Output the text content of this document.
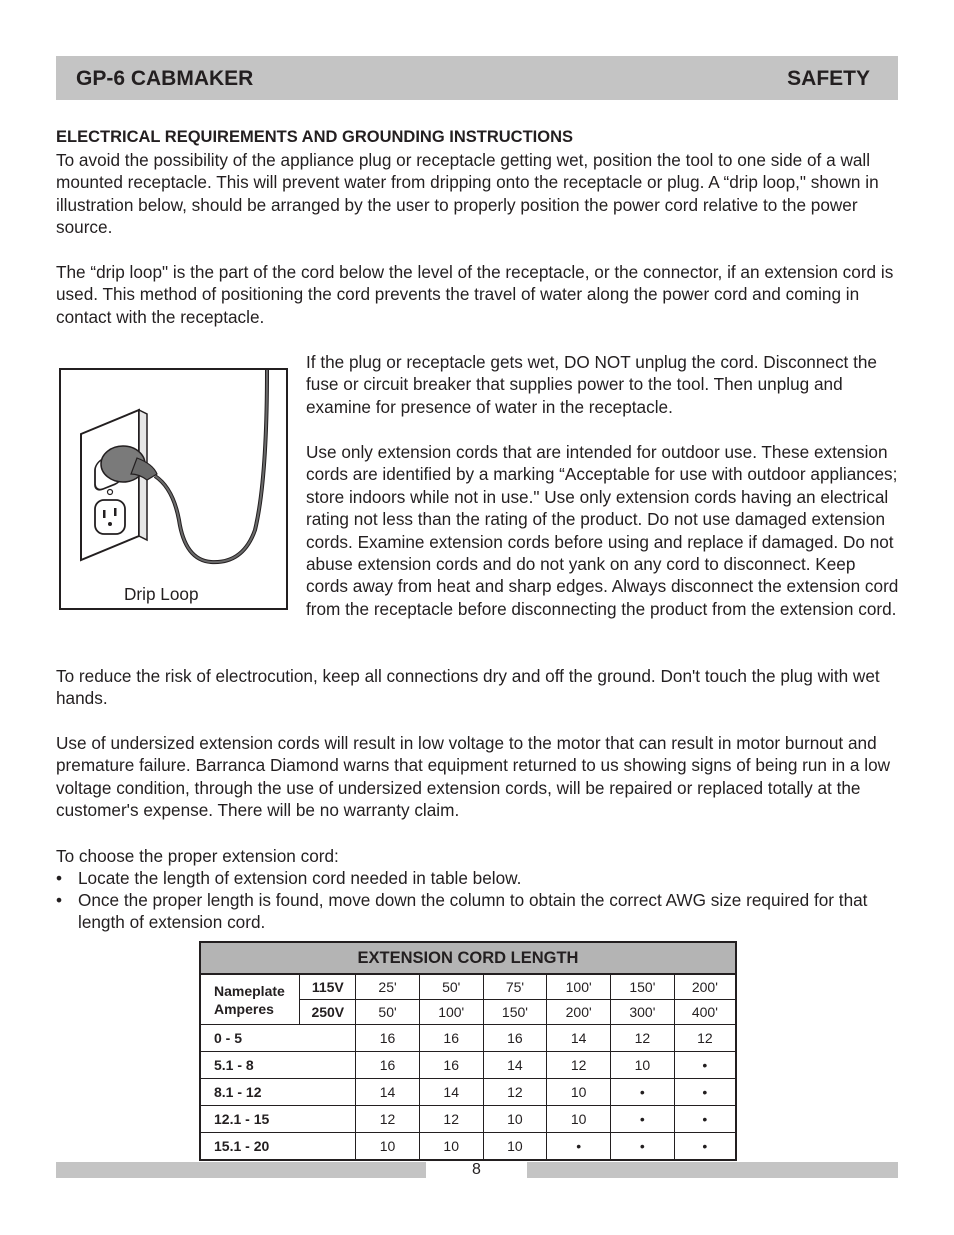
GP-6 CABMAKER	SAFETY

ELECTRICAL REQUIREMENTS AND GROUNDING INSTRUCTIONS

To avoid the possibility of the appliance plug or receptacle getting wet, position the tool to one side of a wall mounted receptacle. This will prevent water from dripping onto the receptacle or plug. A “drip loop," shown in illustration below, should be arranged by the user to properly position the power cord relative to the power source.

The “drip loop" is the part of the cord below the level of the receptacle, or the connector, if an extension cord is used. This method of positioning the cord prevents the travel of water along the power cord and coming in contact with the receptacle.

Drip Loop

If the plug or receptacle gets wet, DO NOT unplug the cord. Disconnect the fuse or circuit breaker that supplies power to the tool. Then unplug and examine for presence of water in the receptacle.

Use only extension cords that are intended for outdoor use. These extension cords are identified by a marking “Acceptable for use with outdoor appliances; store indoors while not in use." Use only extension cords having an electrical rating not less than the rating of the product. Do not use damaged extension cords. Examine extension cords before using and replace if damaged. Do not abuse extension cords and do not yank on any cord to disconnect. Keep cords away from heat and sharp edges. Always disconnect the extension cord from the receptacle before disconnecting the product from the extension cord.

To reduce the risk of electrocution, keep all connections dry and off the ground. Don't touch the plug with wet hands.

Use of undersized extension cords will result in low voltage to the motor that can result in motor burnout and premature failure. Barranca Diamond warns that equipment returned to us showing signs of being run in a low voltage condition, through the use of undersized extension cords, will be repaired or replaced totally at the customer's expense. There will be no warranty claim.

To choose the proper extension cord:

• Locate the length of extension cord needed in table below.

• Once the proper length is found, move down the column to obtain the correct AWG size required for that length of extension cord.

EXTENSION CORD LENGTH							
Nameplate Amperes	115V	25'	50'	75'	100'	150'	200'
	250V	50'	100'	150'	200'	300'	400'
0 - 5		16	16	16	14	12	12
5.1 - 8		16	16	14	12	10	•
8.1 - 12		14	14	12	10	•	•
12.1 - 15		12	12	10	10	•	•
15.1 - 20		10	10	10	•	•	•
8
